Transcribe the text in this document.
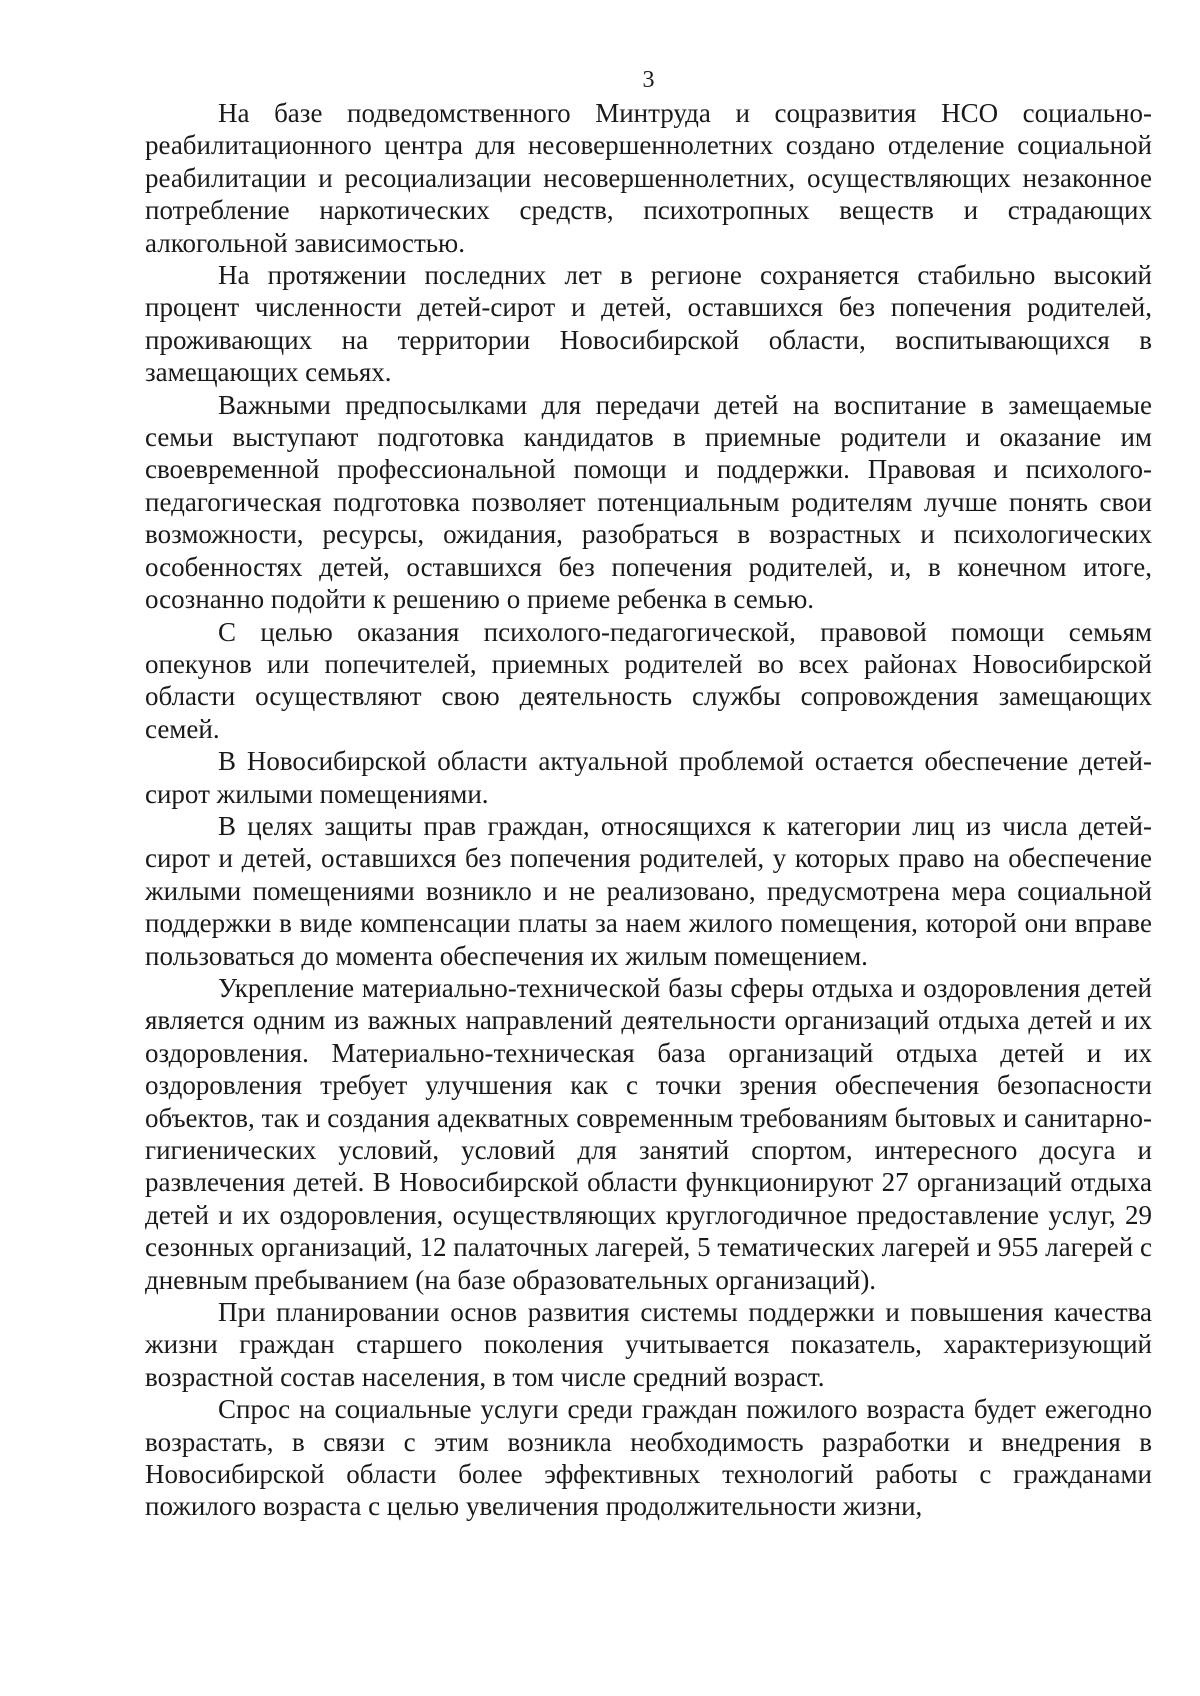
3

На базе подведомственного Минтруда и соцразвития НСО социально-реабилитационного центра для несовершеннолетних создано отделение социальной реабилитации и ресоциализации несовершеннолетних, осуществляющих незаконное потребление наркотических средств, психотропных веществ и страдающих алкогольной зависимостью.

На протяжении последних лет в регионе сохраняется стабильно высокий процент численности детей-сирот и детей, оставшихся без попечения родителей, проживающих на территории Новосибирской области, воспитывающихся в замещающих семьях.

Важными предпосылками для передачи детей на воспитание в замещаемые семьи выступают подготовка кандидатов в приемные родители и оказание им своевременной профессиональной помощи и поддержки. Правовая и психолого-педагогическая подготовка позволяет потенциальным родителям лучше понять свои возможности, ресурсы, ожидания, разобраться в возрастных и психологических особенностях детей, оставшихся без попечения родителей, и, в конечном итоге, осознанно подойти к решению о приеме ребенка в семью.

С целью оказания психолого-педагогической, правовой помощи семьям опекунов или попечителей, приемных родителей во всех районах Новосибирской области осуществляют свою деятельность службы сопровождения замещающих семей.

В Новосибирской области актуальной проблемой остается обеспечение детей-сирот жилыми помещениями.

В целях защиты прав граждан, относящихся к категории лиц из числа детей-сирот и детей, оставшихся без попечения родителей, у которых право на обеспечение жилыми помещениями возникло и не реализовано, предусмотрена мера социальной поддержки в виде компенсации платы за наем жилого помещения, которой они вправе пользоваться до момента обеспечения их жилым помещением.

Укрепление материально-технической базы сферы отдыха и оздоровления детей является одним из важных направлений деятельности организаций отдыха детей и их оздоровления. Материально-техническая база организаций отдыха детей и их оздоровления требует улучшения как с точки зрения обеспечения безопасности объектов, так и создания адекватных современным требованиям бытовых и санитарно-гигиенических условий, условий для занятий спортом, интересного досуга и развлечения детей. В Новосибирской области функционируют 27 организаций отдыха детей и их оздоровления, осуществляющих круглогодичное предоставление услуг, 29 сезонных организаций, 12 палаточных лагерей, 5 тематических лагерей и 955 лагерей с дневным пребыванием (на базе образовательных организаций).

При планировании основ развития системы поддержки и повышения качества жизни граждан старшего поколения учитывается показатель, характеризующий возрастной состав населения, в том числе средний возраст.

Спрос на социальные услуги среди граждан пожилого возраста будет ежегодно возрастать, в связи с этим возникла необходимость разработки и внедрения в Новосибирской области более эффективных технологий работы с гражданами пожилого возраста с целью увеличения продолжительности жизни,
